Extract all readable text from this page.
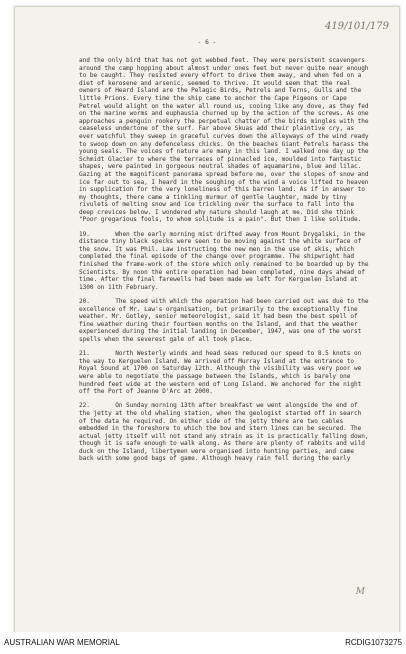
419/101/179
- 6 -

and the only bird that has not got webbed feet. They were persistent scavengers around the camp hopping about almost under ones feet but never quite near enough to be caught. They resisted every effort to drive them away, and when fed on a diet of kerosene and arsenic, seemed to thrive. It would seem that the real owners of Heard Island are the Pelagic Birds, Petrels and Terns, Gulls and the little Prions. Every time the ship came to anchor the Cape Pigeons or Cape Petrel would alight on the water all round us, cooing like any dove, as they fed on the marine worms and euphausia churned up by the action of the screws. As one approaches a penguin rookery the perpetual chatter of the birds mingles with the ceaseless undertone of the surf. Far above Skuas add their plaintive cry, as ever watchful they sweep in graceful curves down the alleyways of the wind ready to swoop down on any defenceless chicks. On the beaches Giant Petrels harass the young seals. The voices of nature are many in this land. I walked one day up the Schmidt Glacier to where the terraces of pinnacled ice, moulded into fantastic shapes, were painted in gorgeous neutral shades of aquamarine, blue and lilac. Gazing at the magnificent panorama spread before me, over the slopes of snow and ice far out to sea, I heard in the soughing of the wind a voice lifted to heaven in supplication for the very loneliness of this barren land. As if in answer to my thoughts, there came a tinkling murmur of gentle laughter, made by tiny rivulets of melting snow and ice trickling over the surface to fall into the deep crevices below. I wondered why nature should laugh at me. Did she think "Poor gregarious fools, to whom solitude is a pain". But then I like solitude.

19.	When the early morning mist drifted away from Mount Drygalski, in the distance tiny black specks were seen to be moving against the white surface of the snow. It was Phil. Law instructing the new men in the use of skis, which completed the final episode of the change over programme. The shipwright had finished the frame-work of the store which only remained to be boarded up by the Scientists. By noon the entire operation had been completed, nine days ahead of time. After the final farewells had been made we left for Kerguelen Island at 1300 on 11th February.

20.	The speed with which the operation had been carried out was due to the excellence of Mr. Law's organisation, but primarily to the exceptionally fine weather. Mr. Gotley, senior meteorologist, said it had been the best spell of fine weather during their fourteen months on the Island, and that the weather experienced during the initial landing in December, 1947, was one of the worst spells when the severest gale of all took place.

21.	North Westerly winds and head seas reduced our speed to 8.5 knots on the way to Kerguelen Island. We arrived off Murray Island at the entrance to Royal Sound at 1700 on Saturday 12th. Although the visibility was very poor we were able to negotiate the passage between the Islands, which is barely one hundred feet wide at the western end of Long Island. We anchored for the night off the Port of Jeanne D'Arc at 2000.

22.	On Sunday morning 13th after breakfast we went alongside the end of the jetty at the old whaling station, when the geologist started off in search of the data he required. On either side of the jetty there are two cables embedded in the foreshore to which the bow and stern lines can be secured. The actual jetty itself will not stand any strain as it is practically falling down, though it is safe enough to walk along. As there are plenty of rabbits and wild duck on the Island, libertymen were organised into hunting parties, and came back with some good bags of game. Although heavy rain fell during the early

M
AUSTRALIAN WAR MEMORIAL	RCDIG1073275
